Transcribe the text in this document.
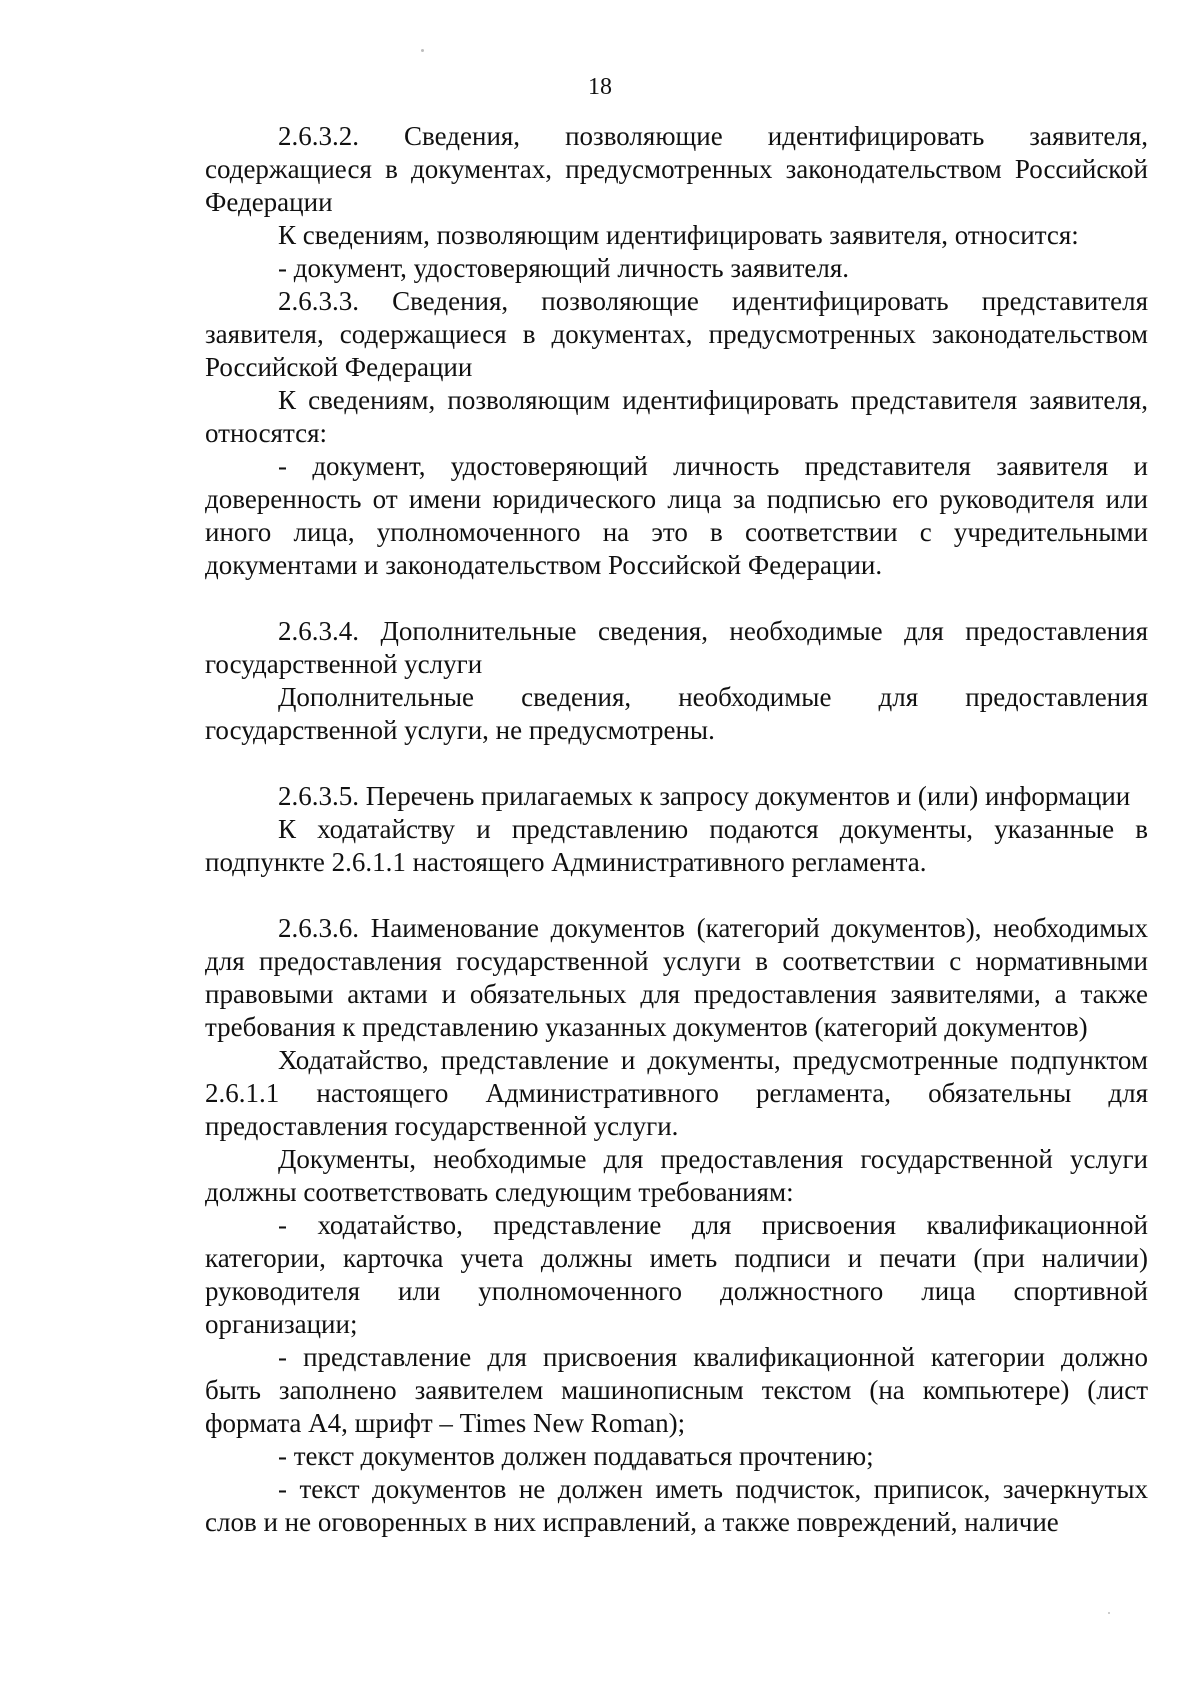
18

2.6.3.2. Сведения, позволяющие идентифицировать заявителя, содержащиеся в документах, предусмотренных законодательством Российской Федерации

К сведениям, позволяющим идентифицировать заявителя, относится:

- документ, удостоверяющий личность заявителя.

2.6.3.3. Сведения, позволяющие идентифицировать представителя заявителя, содержащиеся в документах, предусмотренных законодательством Российской Федерации

К сведениям, позволяющим идентифицировать представителя заявителя, относятся:

- документ, удостоверяющий личность представителя заявителя и доверенность от имени юридического лица за подписью его руководителя или иного лица, уполномоченного на это в соответствии с учредительными документами и законодательством Российской Федерации.

2.6.3.4. Дополнительные сведения, необходимые для предоставления государственной услуги

Дополнительные сведения, необходимые для предоставления государственной услуги, не предусмотрены.

2.6.3.5. Перечень прилагаемых к запросу документов и (или) информации

К ходатайству и представлению подаются документы, указанные в подпункте 2.6.1.1 настоящего Административного регламента.

2.6.3.6. Наименование документов (категорий документов), необходимых для предоставления государственной услуги в соответствии с нормативными правовыми актами и обязательных для предоставления заявителями, а также требования к представлению указанных документов (категорий документов)

Ходатайство, представление и документы, предусмотренные подпунктом 2.6.1.1 настоящего Административного регламента, обязательны для предоставления государственной услуги.

Документы, необходимые для предоставления государственной услуги должны соответствовать следующим требованиям:

- ходатайство, представление для присвоения квалификационной категории, карточка учета должны иметь подписи и печати (при наличии) руководителя или уполномоченного должностного лица спортивной организации;

- представление для присвоения квалификационной категории должно быть заполнено заявителем машинописным текстом (на компьютере) (лист формата А4, шрифт – Times New Roman);

- текст документов должен поддаваться прочтению;

- текст документов не должен иметь подчисток, приписок, зачеркнутых слов и не оговоренных в них исправлений, а также повреждений, наличие
